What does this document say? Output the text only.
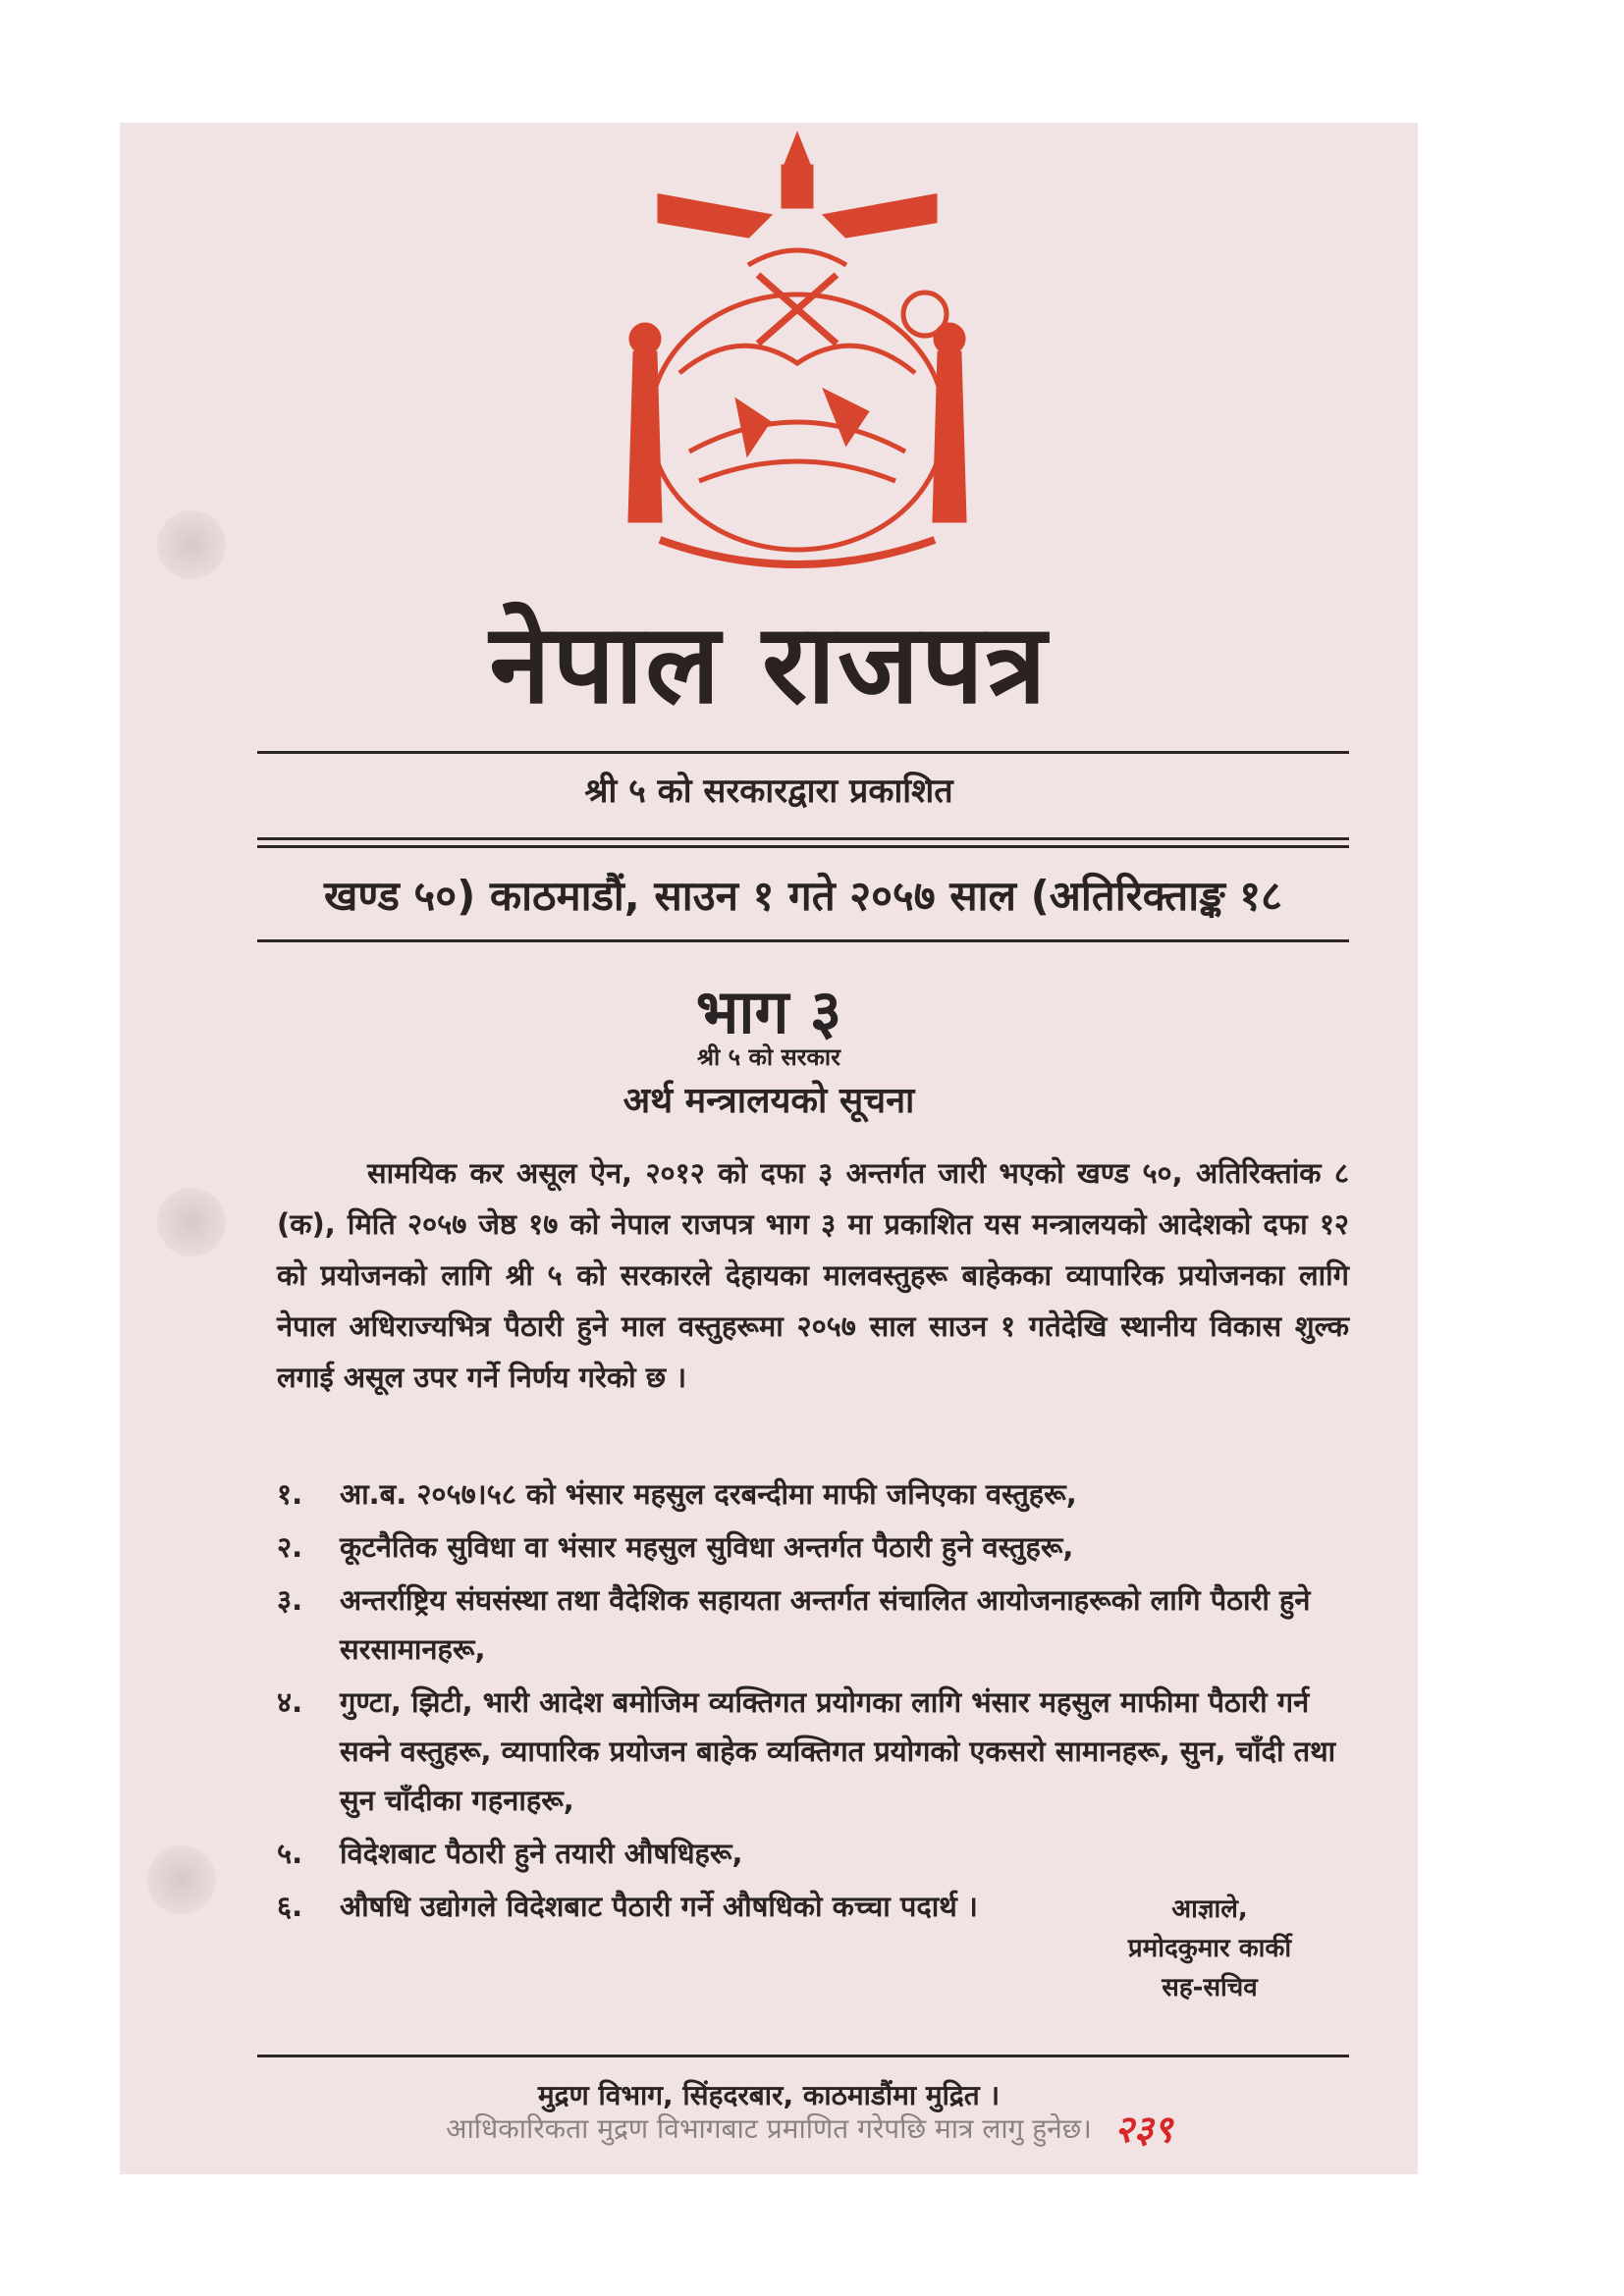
नेपाल राजपत्र

श्री ५ को सरकारद्वारा प्रकाशित

खण्ड ५०) काठमाडौं, साउन १ गते २०५७ साल (अतिरिक्ताङ्क १८

भाग ३

श्री ५ को सरकार

अर्थ मन्त्रालयको सूचना

सामयिक कर असूल ऐन, २०१२ को दफा ३ अन्तर्गत जारी भएको खण्ड ५०, अतिरिक्तांक ८ (क), मिति २०५७ जेष्ठ १७ को नेपाल राजपत्र भाग ३ मा प्रकाशित यस मन्त्रालयको आदेशको दफा १२ को प्रयोजनको लागि श्री ५ को सरकारले देहायका मालवस्तुहरू बाहेकका व्यापारिक प्रयोजनका लागि नेपाल अधिराज्यभित्र पैठारी हुने माल वस्तुहरूमा २०५७ साल साउन १ गतेदेखि स्थानीय विकास शुल्क लगाई असूल उपर गर्ने निर्णय गरेको छ ।

१. आ.ब. २०५७।५८ को भंसार महसुल दरबन्दीमा माफी जनिएका वस्तुहरू,
२. कूटनैतिक सुविधा वा भंसार महसुल सुविधा अन्तर्गत पैठारी हुने वस्तुहरू,
३. अन्तर्राष्ट्रिय संघसंस्था तथा वैदेशिक सहायता अन्तर्गत संचालित आयोजनाहरूको लागि पैठारी हुने सरसामानहरू,
४. गुण्टा, झिटी, भारी आदेश बमोजिम व्यक्तिगत प्रयोगका लागि भंसार महसुल माफीमा पैठारी गर्न सक्ने वस्तुहरू, व्यापारिक प्रयोजन बाहेक व्यक्तिगत प्रयोगको एकसरो सामानहरू, सुन, चाँदी तथा सुन चाँदीका गहनाहरू,
५. विदेशबाट पैठारी हुने तयारी औषधिहरू,
६. औषधि उद्योगले विदेशबाट पैठारी गर्ने औषधिको कच्चा पदार्थ ।	आज्ञाले,
प्रमोदकुमार कार्की
सह-सचिव

मुद्रण विभाग, सिंहदरबार, काठमाडौंमा मुद्रित ।

आधिकारिकता मुद्रण विभागबाट प्रमाणित गरेपछि मात्र लागु हुनेछ। २३९
